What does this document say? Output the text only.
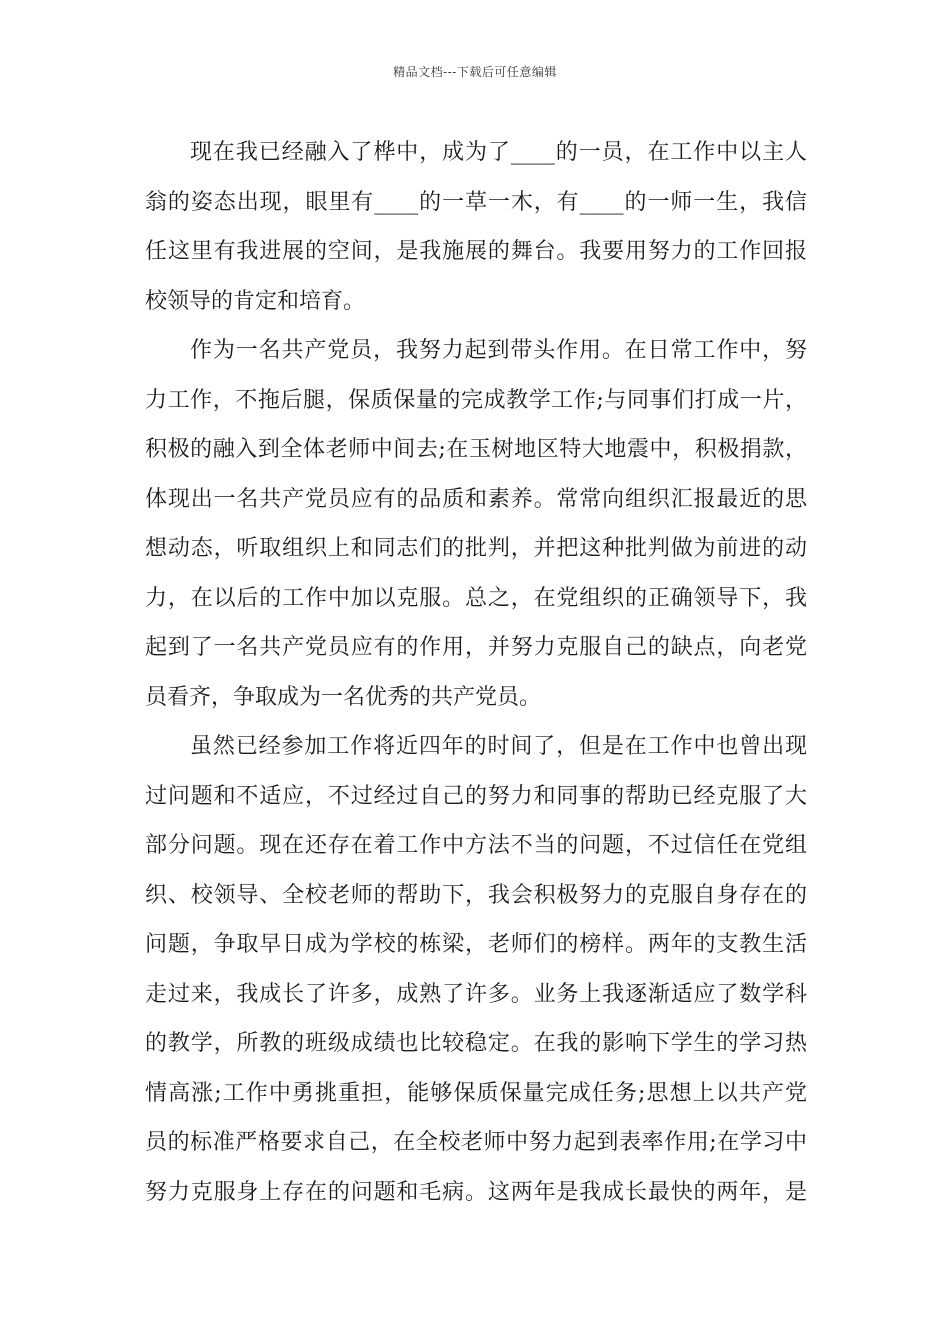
精品文档---下载后可任意编辑
现在我已经融入了桦中，成为了____的一员，在工作中以主人
翁的姿态出现，眼里有____的一草一木，有____的一师一生，我信
任这里有我进展的空间，是我施展的舞台。我要用努力的工作回报
校领导的肯定和培育。
作为一名共产党员，我努力起到带头作用。在日常工作中，努
力工作，不拖后腿，保质保量的完成教学工作;与同事们打成一片，
积极的融入到全体老师中间去;在玉树地区特大地震中，积极捐款，
体现出一名共产党员应有的品质和素养。常常向组织汇报最近的思
想动态，听取组织上和同志们的批判，并把这种批判做为前进的动
力，在以后的工作中加以克服。总之，在党组织的正确领导下，我
起到了一名共产党员应有的作用，并努力克服自己的缺点，向老党
员看齐，争取成为一名优秀的共产党员。
虽然已经参加工作将近四年的时间了，但是在工作中也曾出现
过问题和不适应，不过经过自己的努力和同事的帮助已经克服了大
部分问题。现在还存在着工作中方法不当的问题，不过信任在党组
织、校领导、全校老师的帮助下，我会积极努力的克服自身存在的
问题，争取早日成为学校的栋梁，老师们的榜样。两年的支教生活
走过来，我成长了许多，成熟了许多。业务上我逐渐适应了数学科
的教学，所教的班级成绩也比较稳定。在我的影响下学生的学习热
情高涨;工作中勇挑重担，能够保质保量完成任务;思想上以共产党
员的标准严格要求自己，在全校老师中努力起到表率作用;在学习中
努力克服身上存在的问题和毛病。这两年是我成长最快的两年，是
